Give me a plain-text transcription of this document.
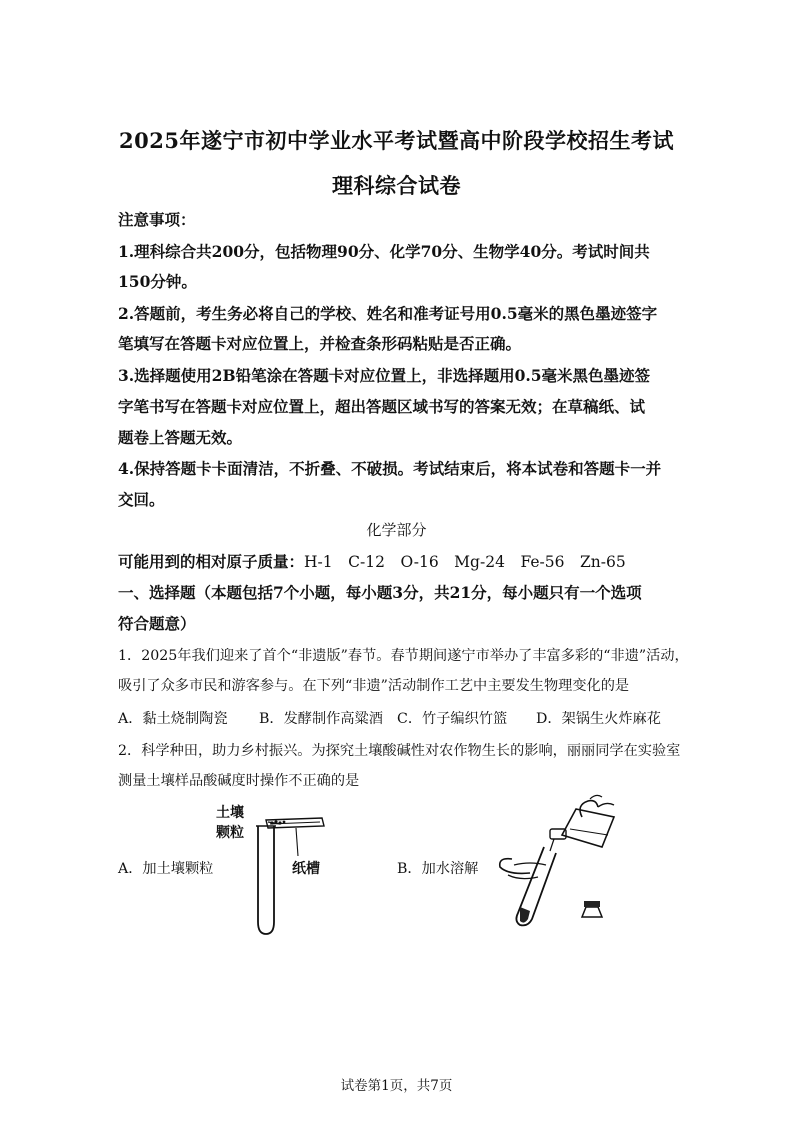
2025年遂宁市初中学业水平考试暨高中阶段学校招生考试
理科综合试卷
注意事项：
1.理科综合共200分，包括物理90分、化学70分、生物学40分。考试时间共
150分钟。
2.答题前，考生务必将自己的学校、姓名和准考证号用0.5毫米的黑色墨迹签字
笔填写在答题卡对应位置上，并检查条形码粘贴是否正确。
3.选择题使用2B铅笔涂在答题卡对应位置上，非选择题用0.5毫米黑色墨迹签
字笔书写在答题卡对应位置上，超出答题区域书写的答案无效；在草稿纸、试
题卷上答题无效。
4.保持答题卡卡面清洁，不折叠、不破损。考试结束后，将本试卷和答题卡一并
交回。
化学部分
可能用到的相对原子质量：H-1　C-12　O-16　Mg-24　Fe-56　Zn-65
一、选择题（本题包括7个小题，每小题3分，共21分，每小题只有一个选项
符合题意）
1．2025年我们迎来了首个“非遗版”春节。春节期间遂宁市举办了丰富多彩的“非遗”活动，
吸引了众多市民和游客参与。在下列“非遗”活动制作工艺中主要发生物理变化的是
A．黏土烧制陶瓷 B．发酵制作高粱酒 C．竹子编织竹篮 D．架锅生火炸麻花
2．科学种田，助力乡村振兴。为探究土壤酸碱性对农作物生长的影响，丽丽同学在实验室
测量土壤样品酸碱度时操作不正确的是
土壤
颗粒
纸槽
A．加土壤颗粒	B．加水溶解
试卷第1页，共7页
